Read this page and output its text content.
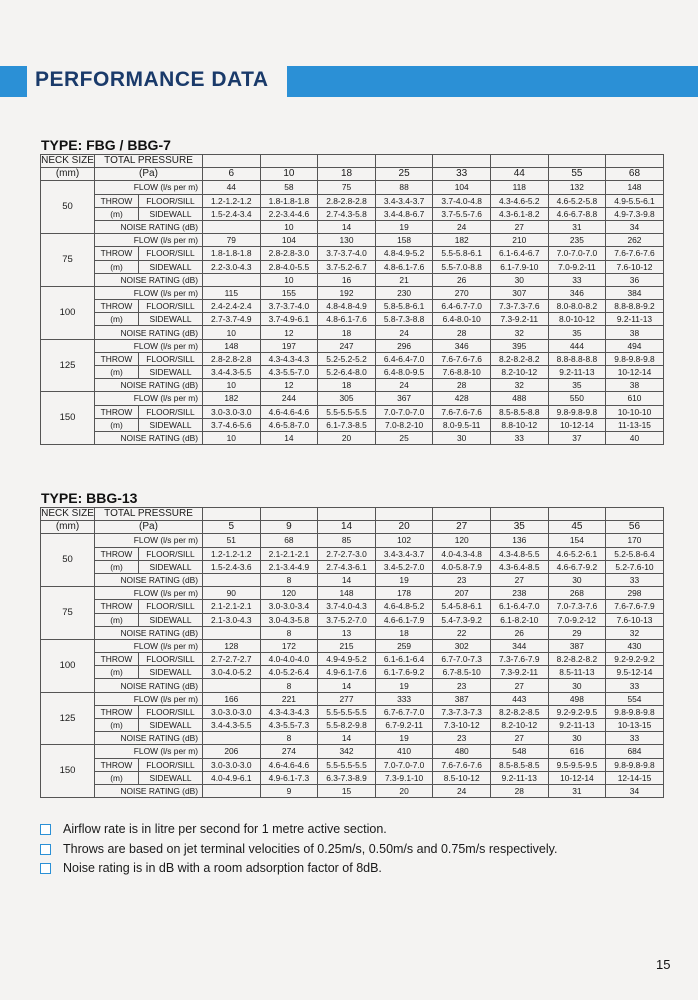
PERFORMANCE DATA
TYPE: FBG / BBG-7
NECK SIZE	TOTAL PRESSURE									
(mm)	(Pa)		6	10	18	25	33	44	55	68
50	FLOW (l/s per m)		44	58	75	88	104	118	132	148
	THROW	FLOOR/SILL	1.2-1.2-1.2	1.8-1.8-1.8	2.8-2.8-2.8	3.4-3.4-3.7	3.7-4.0-4.8	4.3-4.6-5.2	4.6-5.2-5.8	4.9-5.5-6.1
	(m)	SIDEWALL	1.5-2.4-3.4	2.2-3.4-4.6	2.7-4.3-5.8	3.4-4.8-6.7	3.7-5.5-7.6	4.3-6.1-8.2	4.6-6.7-8.8	4.9-7.3-9.8
	NOISE RATING (dB)			10	14	19	24	27	31	34
75	FLOW (l/s per m)		79	104	130	158	182	210	235	262
	THROW	FLOOR/SILL	1.8-1.8-1.8	2.8-2.8-3.0	3.7-3.7-4.0	4.8-4.9-5.2	5.5-5.8-6.1	6.1-6.4-6.7	7.0-7.0-7.0	7.6-7.6-7.6
	(m)	SIDEWALL	2.2-3.0-4.3	2.8-4.0-5.5	3.7-5.2-6.7	4.8-6.1-7.6	5.5-7.0-8.8	6.1-7.9-10	7.0-9.2-11	7.6-10-12
	NOISE RATING (dB)			10	16	21	26	30	33	36
100	FLOW (l/s per m)		115	155	192	230	270	307	346	384
	THROW	FLOOR/SILL	2.4-2.4-2.4	3.7-3.7-4.0	4.8-4.8-4.9	5.8-5.8-6.1	6.4-6.7-7.0	7.3-7.3-7.6	8.0-8.0-8.2	8.8-8.8-9.2
	(m)	SIDEWALL	2.7-3.7-4.9	3.7-4.9-6.1	4.8-6.1-7.6	5.8-7.3-8.8	6.4-8.0-10	7.3-9.2-11	8.0-10-12	9.2-11-13
	NOISE RATING (dB)		10	12	18	24	28	32	35	38
125	FLOW (l/s per m)		148	197	247	296	346	395	444	494
	THROW	FLOOR/SILL	2.8-2.8-2.8	4.3-4.3-4.3	5.2-5.2-5.2	6.4-6.4-7.0	7.6-7.6-7.6	8.2-8.2-8.2	8.8-8.8-8.8	9.8-9.8-9.8
	(m)	SIDEWALL	3.4-4.3-5.5	4.3-5.5-7.0	5.2-6.4-8.0	6.4-8.0-9.5	7.6-8.8-10	8.2-10-12	9.2-11-13	10-12-14
	NOISE RATING (dB)		10	12	18	24	28	32	35	38
150	FLOW (l/s per m)		182	244	305	367	428	488	550	610
	THROW	FLOOR/SILL	3.0-3.0-3.0	4.6-4.6-4.6	5.5-5.5-5.5	7.0-7.0-7.0	7.6-7.6-7.6	8.5-8.5-8.8	9.8-9.8-9.8	10-10-10
	(m)	SIDEWALL	3.7-4.6-5.6	4.6-5.8-7.0	6.1-7.3-8.5	7.0-8.2-10	8.0-9.5-11	8.8-10-12	10-12-14	11-13-15
	NOISE RATING (dB)		10	14	20	25	30	33	37	40
TYPE: BBG-13
NECK SIZE	TOTAL PRESSURE									
(mm)	(Pa)		5	9	14	20	27	35	45	56
50	FLOW (l/s per m)		51	68	85	102	120	136	154	170
	THROW	FLOOR/SILL	1.2-1.2-1.2	2.1-2.1-2.1	2.7-2.7-3.0	3.4-3.4-3.7	4.0-4.3-4.8	4.3-4.8-5.5	4.6-5.2-6.1	5.2-5.8-6.4
	(m)	SIDEWALL	1.5-2.4-3.6	2.1-3.4-4.9	2.7-4.3-6.1	3.4-5.2-7.0	4.0-5.8-7.9	4.3-6.4-8.5	4.6-6.7-9.2	5.2-7.6-10
	NOISE RATING (dB)			8	14	19	23	27	30	33
75	FLOW (l/s per m)		90	120	148	178	207	238	268	298
	THROW	FLOOR/SILL	2.1-2.1-2.1	3.0-3.0-3.4	3.7-4.0-4.3	4.6-4.8-5.2	5.4-5.8-6.1	6.1-6.4-7.0	7.0-7.3-7.6	7.6-7.6-7.9
	(m)	SIDEWALL	2.1-3.0-4.3	3.0-4.3-5.8	3.7-5.2-7.0	4.6-6.1-7.9	5.4-7.3-9.2	6.1-8.2-10	7.0-9.2-12	7.6-10-13
	NOISE RATING (dB)			8	13	18	22	26	29	32
100	FLOW (l/s per m)		128	172	215	259	302	344	387	430
	THROW	FLOOR/SILL	2.7-2.7-2.7	4.0-4.0-4.0	4.9-4.9-5.2	6.1-6.1-6.4	6.7-7.0-7.3	7.3-7.6-7.9	8.2-8.2-8.2	9.2-9.2-9.2
	(m)	SIDEWALL	3.0-4.0-5.2	4.0-5.2-6.4	4.9-6.1-7.6	6.1-7.6-9.2	6.7-8.5-10	7.3-9.2-11	8.5-11-13	9.5-12-14
	NOISE RATING (dB)			8	14	19	23	27	30	33
125	FLOW (l/s per m)		166	221	277	333	387	443	498	554
	THROW	FLOOR/SILL	3.0-3.0-3.0	4.3-4.3-4.3	5.5-5.5-5.5	6.7-6.7-7.0	7.3-7.3-7.3	8.2-8.2-8.5	9.2-9.2-9.5	9.8-9.8-9.8
	(m)	SIDEWALL	3.4-4.3-5.5	4.3-5.5-7.3	5.5-8.2-9.8	6.7-9.2-11	7.3-10-12	8.2-10-12	9.2-11-13	10-13-15
	NOISE RATING (dB)			8	14	19	23	27	30	33
150	FLOW (l/s per m)		206	274	342	410	480	548	616	684
	THROW	FLOOR/SILL	3.0-3.0-3.0	4.6-4.6-4.6	5.5-5.5-5.5	7.0-7.0-7.0	7.6-7.6-7.6	8.5-8.5-8.5	9.5-9.5-9.5	9.8-9.8-9.8
	(m)	SIDEWALL	4.0-4.9-6.1	4.9-6.1-7.3	6.3-7.3-8.9	7.3-9.1-10	8.5-10-12	9.2-11-13	10-12-14	12-14-15
	NOISE RATING (dB)			9	15	20	24	28	31	34
Airflow rate is in litre per second for 1 metre active section.
Throws are based on jet terminal velocities of 0.25m/s, 0.50m/s and 0.75m/s respectively.
Noise rating is in dB with a room adsorption factor of 8dB.
15
